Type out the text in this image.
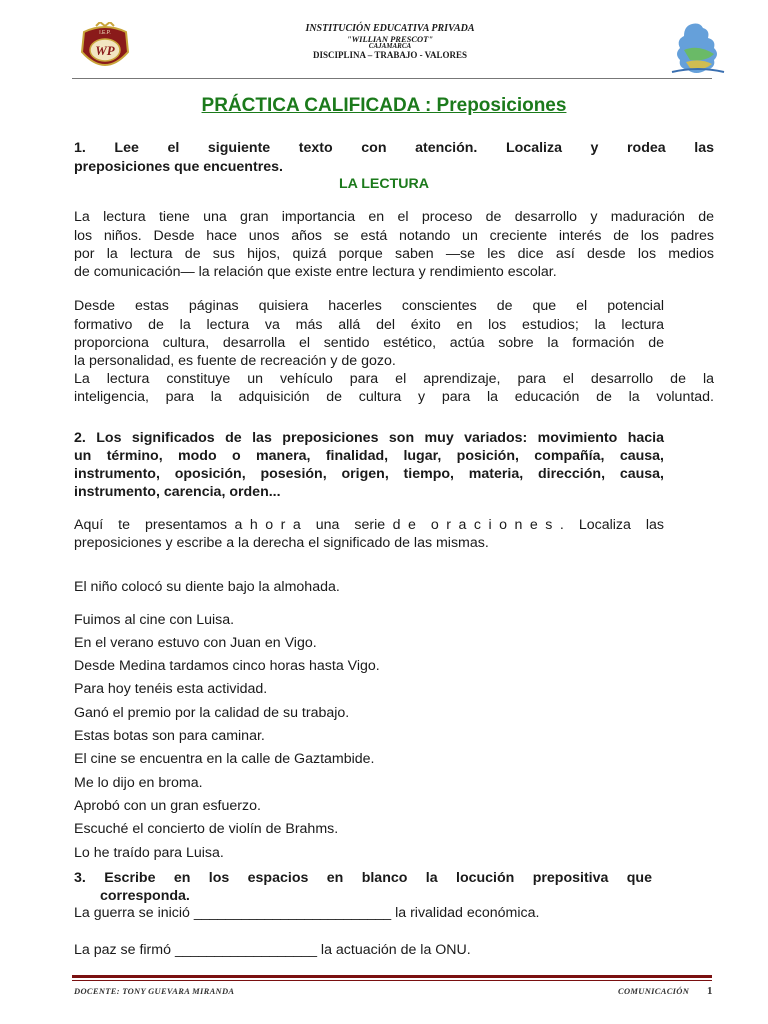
WP
I.E.P.	INSTITUCIÓN EDUCATIVA PRIVADA
"WILLIAN PRESCOT"
CAJAMARCA
DISCIPLINA – TRABAJO - VALORES
PRÁCTICA CALIFICADA : Preposiciones
1. Lee el siguiente texto con atención. Localiza y rodea las
preposiciones que encuentres.
LA LECTURA
La lectura tiene una gran importancia en el proceso de desarrollo y maduración de
los niños. Desde hace unos años se está notando un creciente interés de los padres
por la lectura de sus hijos, quizá porque saben —se les dice así desde los medios
de comunicación— la relación que existe entre lectura y rendimiento escolar.
Desde estas páginas quisiera hacerles conscientes de que el potencial
formativo de la lectura va más allá del éxito en los estudios; la lectura
proporciona cultura, desarrolla el sentido estético, actúa sobre la formación de
la personalidad, es fuente de recreación y de gozo.
La lectura constituye un vehículo para el aprendizaje, para el desarrollo de la
inteligencia, para la adquisición de cultura y para la educación de la voluntad.
2. Los significados de las preposiciones son muy variados: movimiento hacia
un término, modo o manera, finalidad, lugar, posición, compañía, causa,
instrumento, oposición, posesión, origen, tiempo, materia, dirección, causa,
instrumento, carencia, orden...
Aquí  te  presentamos a h o r a  una  serie d e  o r a c i o n e s .  Localiza  las
preposiciones y escribe a la derecha el significado de las mismas.
El niño colocó su diente bajo la almohada.
Fuimos al cine con Luisa.
En el verano estuvo con Juan en Vigo.
Desde Medina tardamos cinco horas hasta Vigo.
Para hoy tenéis esta actividad.
Ganó el premio por la calidad de su trabajo.
Estas botas son para caminar.
El cine se encuentra en la calle de Gaztambide.
Me lo dijo en broma.
Aprobó con un gran esfuerzo.
Escuché el concierto de violín de Brahms.
Lo he traído para Luisa.
3. Escribe en los espacios en blanco la locución prepositiva que
corresponda.
La guerra se inició _________________________ la rivalidad económica.
La paz se firmó __________________ la actuación de la ONU.
DOCENTE: TONY GUEVARA MIRANDA	COMUNICACIÓN 1
